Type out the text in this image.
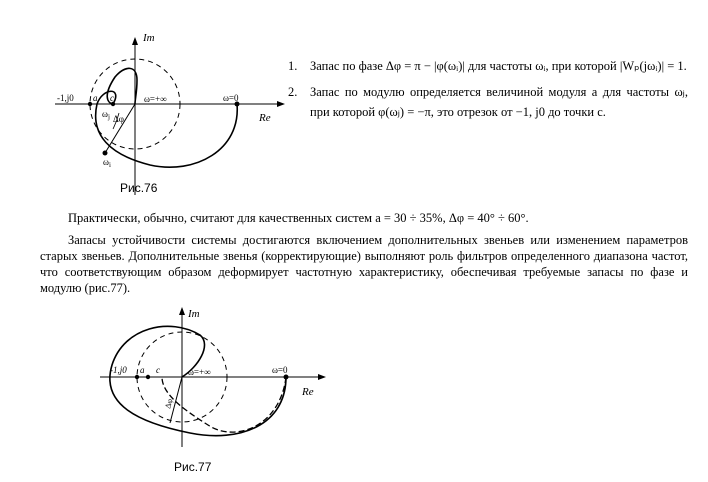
Im
Re
-1,j0 a c	ω=+∞	ω=0
$\omega_j$ Δφ
$\omega_i$
Рис.76
1.	Запас по фазе Δφ = π − |φ(ωᵢ)| для частоты ωᵢ, при которой |Wₚ(jωᵢ)| = 1.
2.	Запас по модулю определяется величиной модуля a для частоты ωⱼ, при которой φ(ωⱼ) = −π, это отрезок от −1, j0 до точки c.
Практически, обычно, считают для качественных систем a = 30 ÷ 35%, Δφ = 40° ÷ 60°.
Запасы устойчивости системы достигаются включением дополнительных звеньев или изменением параметров старых звеньев. Дополнительные звенья (корректирующие) выполняют роль фильтров определенного диапазона частот, что соответствующим образом деформирует частотную характеристику, обеспечивая требуемые запасы по фазе и модулю (рис.77).
Im
Re
-1,j0 a c	ω=+∞	ω=0
Δφ
Рис.77
